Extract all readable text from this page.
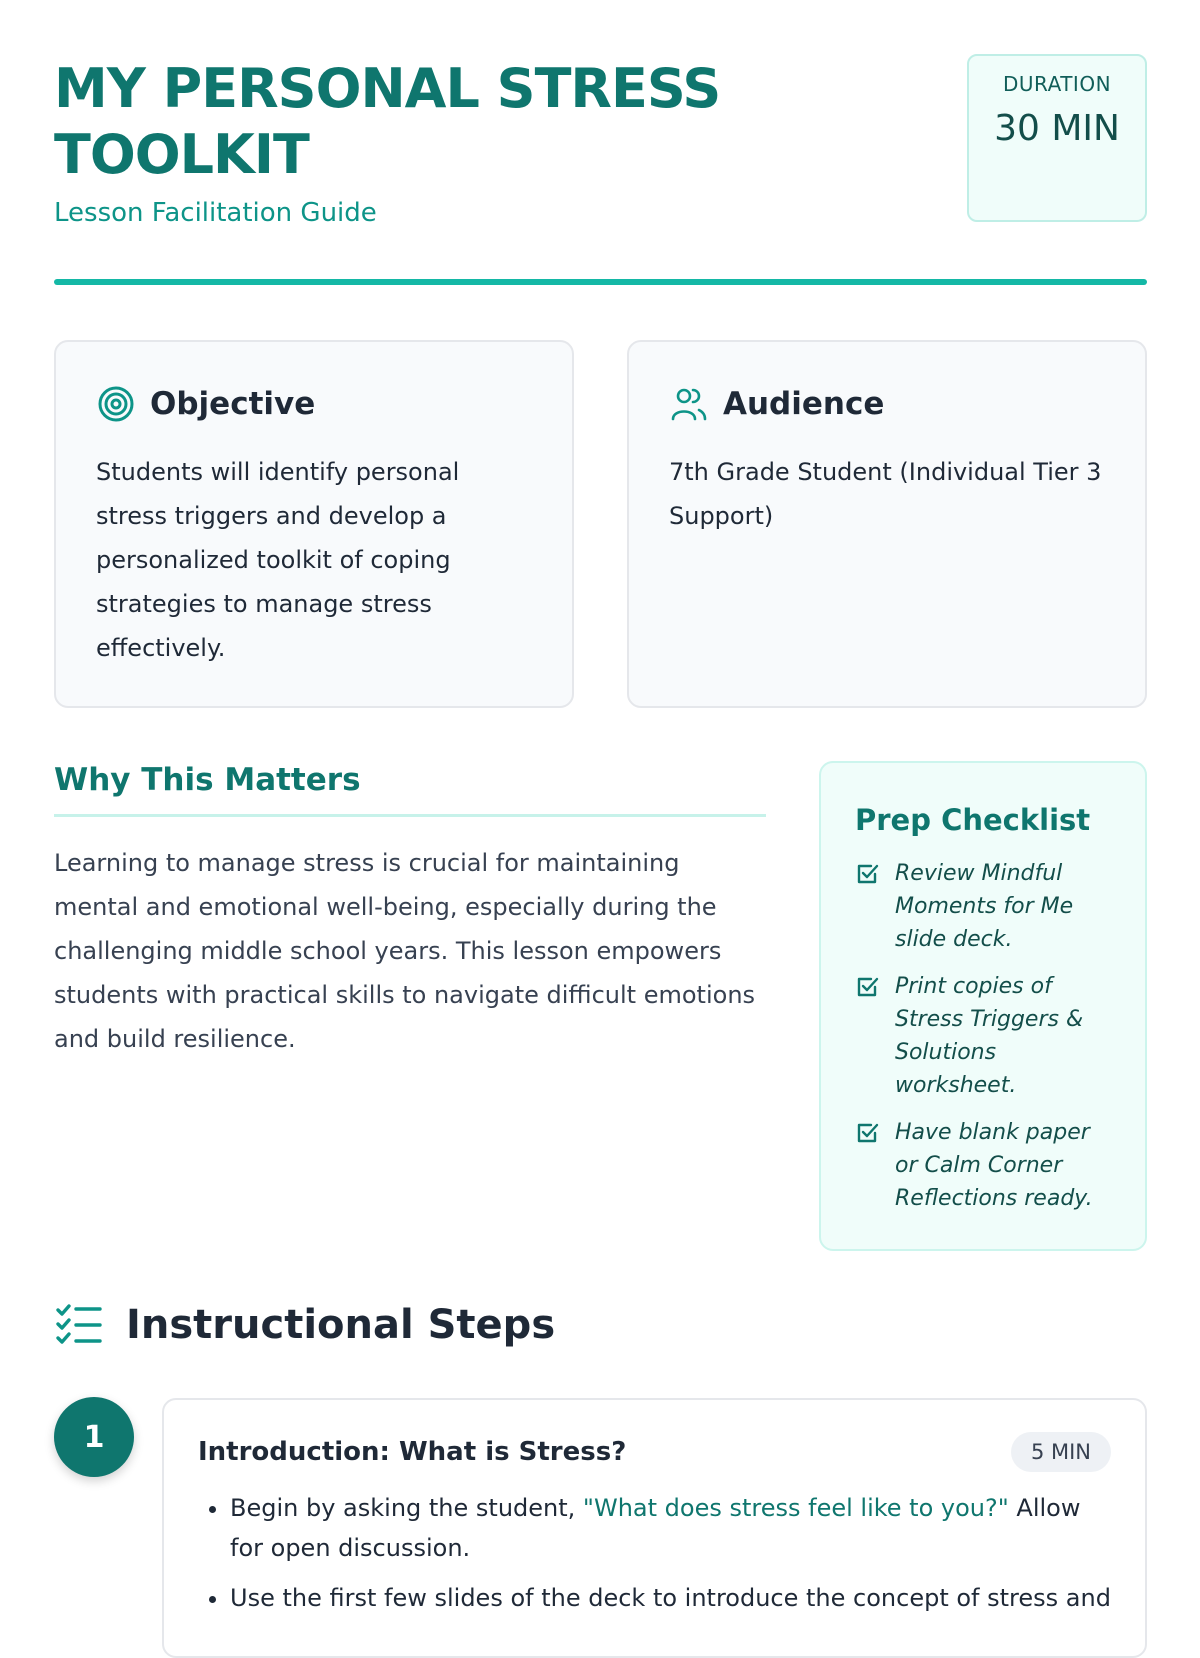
MY PERSONAL STRESS TOOLKIT
Lesson Facilitation Guide
DURATION
30 MIN
Objective
Students will identify personal stress triggers and develop a personalized toolkit of coping strategies to manage stress effectively.
Audience
7th Grade Student (Individual Tier 3 Support)
Why This Matters
Learning to manage stress is crucial for maintaining mental and emotional well-being, especially during the challenging middle school years. This lesson empowers students with practical skills to navigate difficult emotions and build resilience.
Prep Checklist
Review Mindful Moments for Me slide deck.
Print copies of Stress Triggers & Solutions worksheet.
Have blank paper or Calm Corner Reflections ready.
Instructional Steps
1	Introduction: What is Stress?	5 MIN
• Begin by asking the student, "What does stress feel like to you?" Allow for open discussion.
• Use the first few slides of the deck to introduce the concept of stress and
